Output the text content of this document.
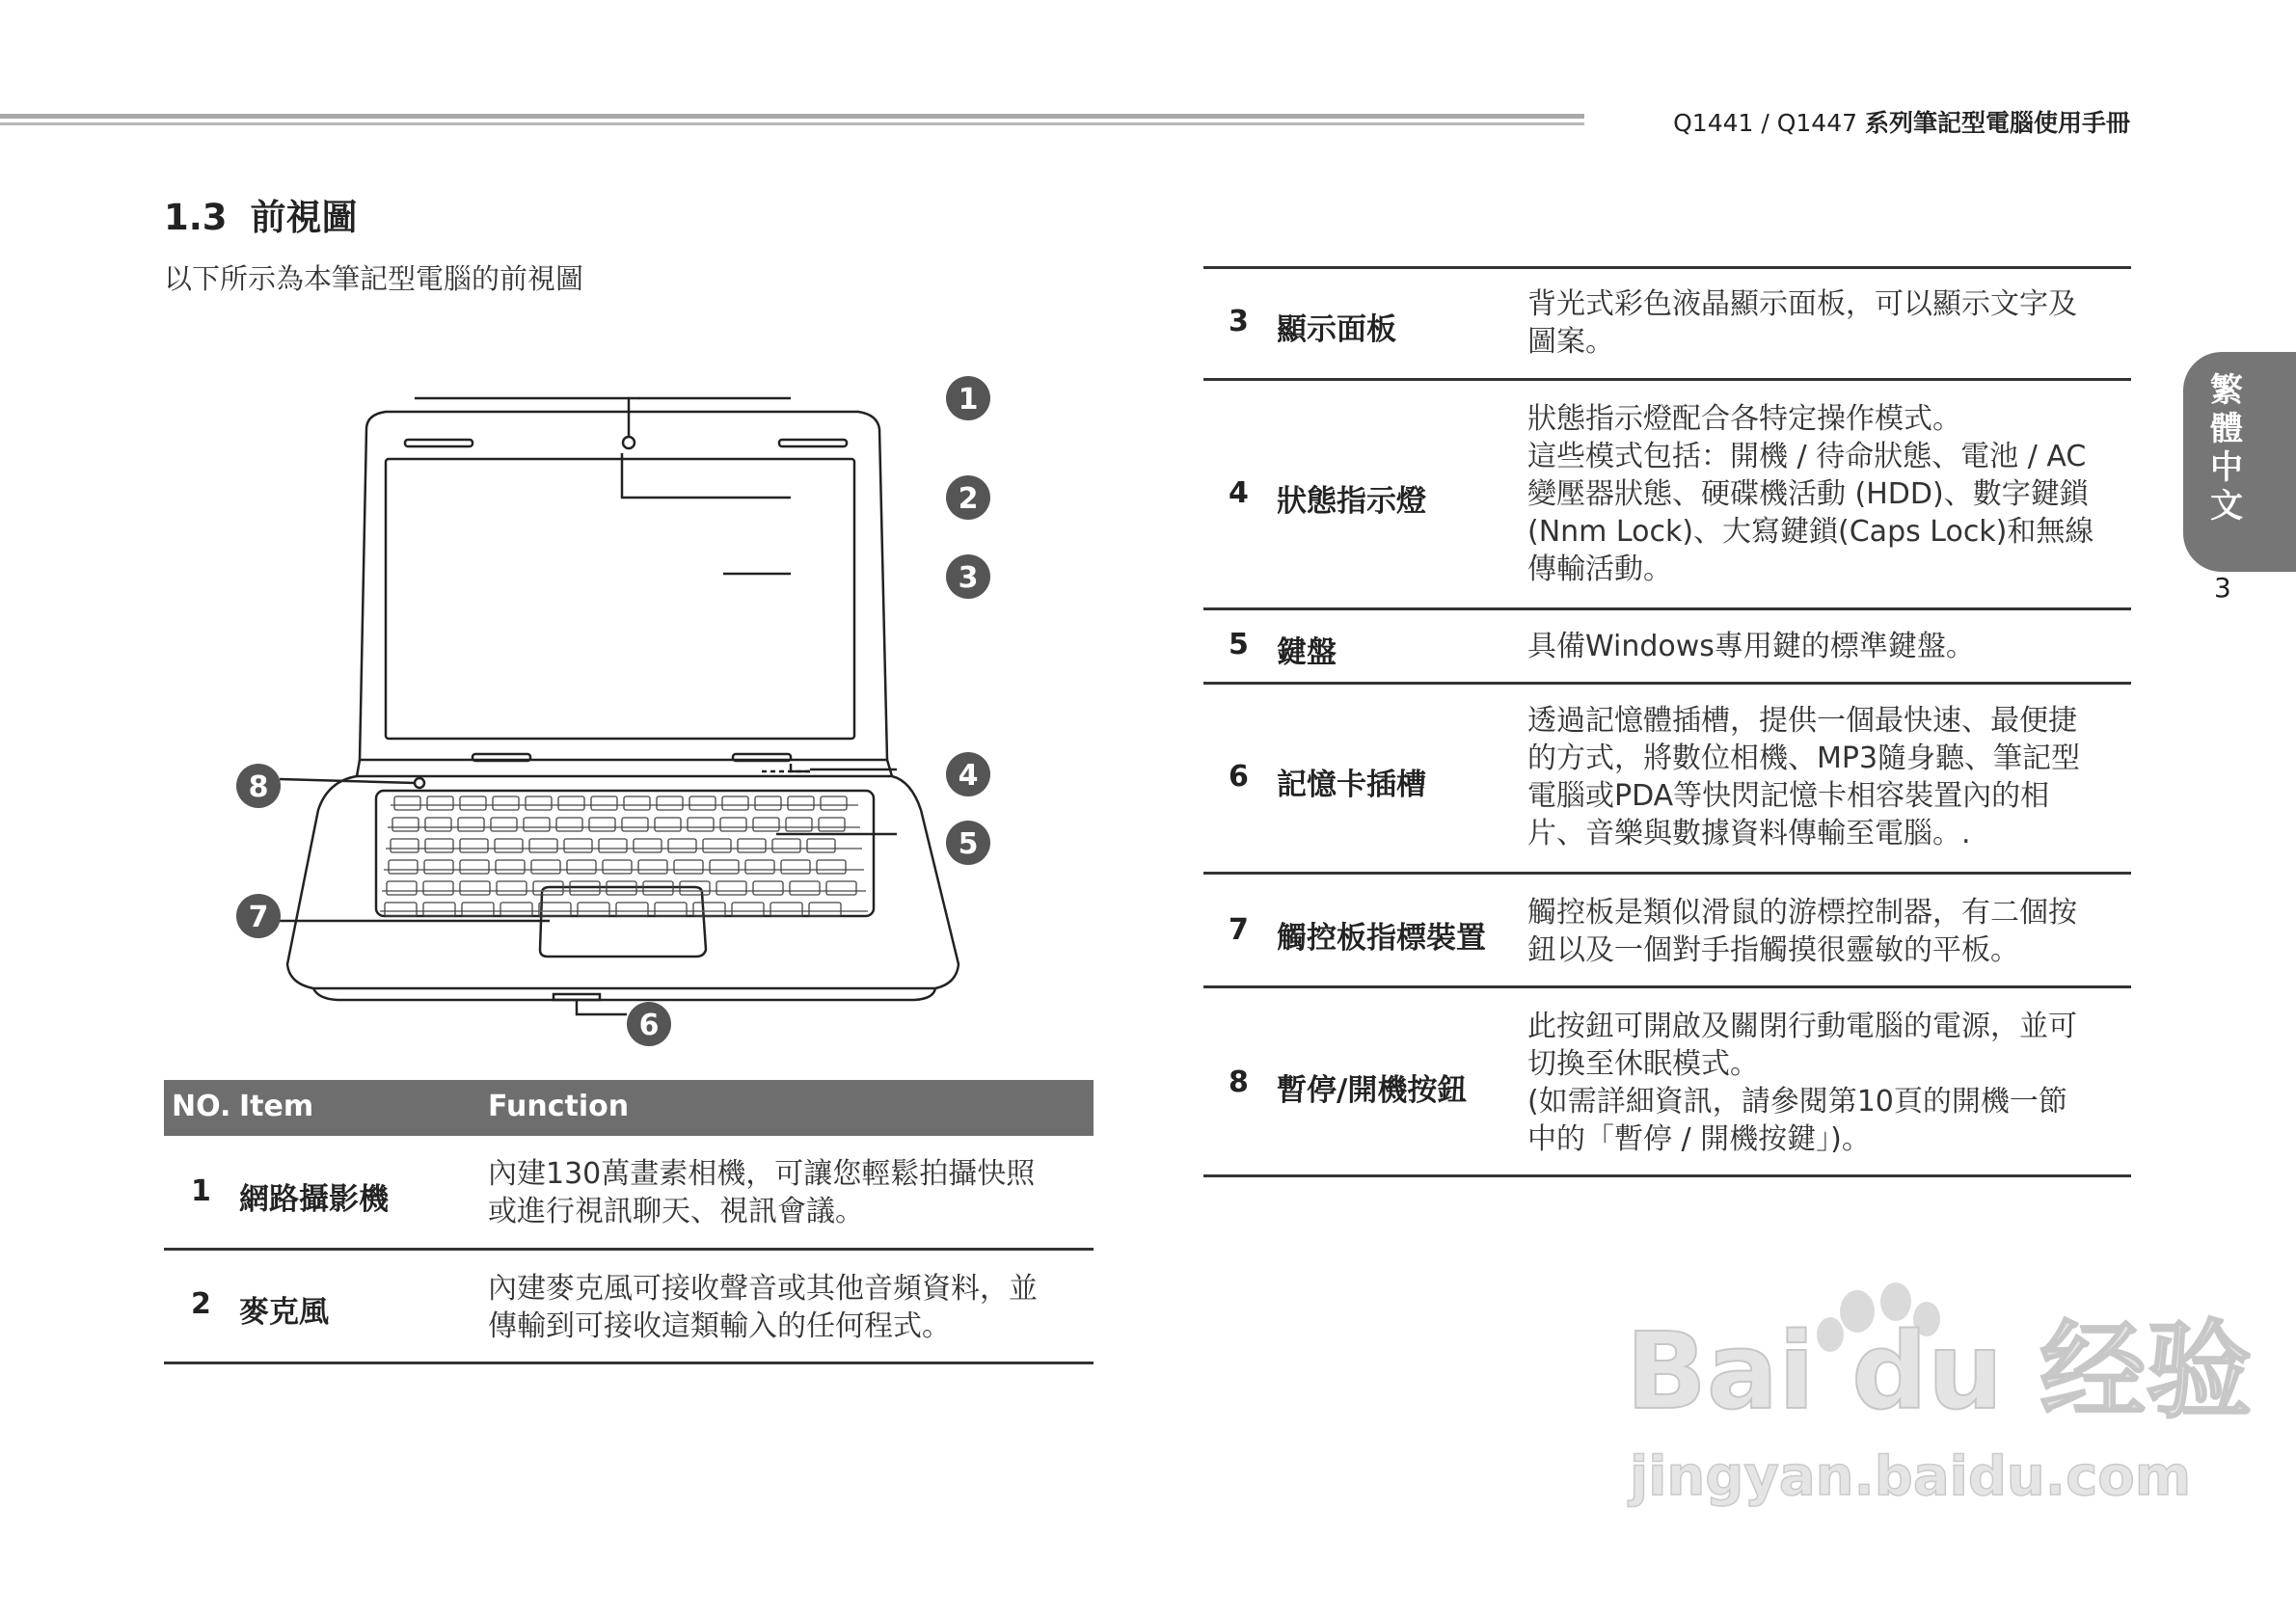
Q1441 / Q1447 系列筆記型電腦使用手冊
1.3 前視圖
以下所示為本筆記型電腦的前視圖
1
2
3
4
5
6
7
8
繁體中文
3
NO. Item	Function
1 網路攝影機
內建130萬畫素相機，可讓您輕鬆拍攝快照
或進行視訊聊天、視訊會議。
2 麥克風
內建麥克風可接收聲音或其他音頻資料，並
傳輸到可接收這類輸入的任何程式。
3 顯示面板
背光式彩色液晶顯示面板，可以顯示文字及
圖案。
4 狀態指示燈
狀態指示燈配合各特定操作模式。
這些模式包括：開機 / 待命狀態、電池 / AC
變壓器狀態、硬碟機活動 (HDD)、數字鍵鎖
(Nnm Lock)、大寫鍵鎖(Caps Lock)和無線
傳輸活動。
5 鍵盤	具備Windows專用鍵的標準鍵盤。
6 記憶卡插槽
透過記憶體插槽，提供一個最快速、最便捷
的方式，將數位相機、MP3隨身聽、筆記型
電腦或PDA等快閃記憶卡相容裝置內的相
片、音樂與數據資料傳輸至電腦。.
7 觸控板指標裝置
觸控板是類似滑鼠的游標控制器，有二個按
鈕以及一個對手指觸摸很靈敏的平板。
8 暫停/開機按鈕
此按鈕可開啟及關閉行動電腦的電源，並可
切換至休眠模式。
(如需詳細資訊，請參閱第10頁的開機一節
中的「暫停 / 開機按鍵」)。
Bai du 经验
jingyan.baidu.com
